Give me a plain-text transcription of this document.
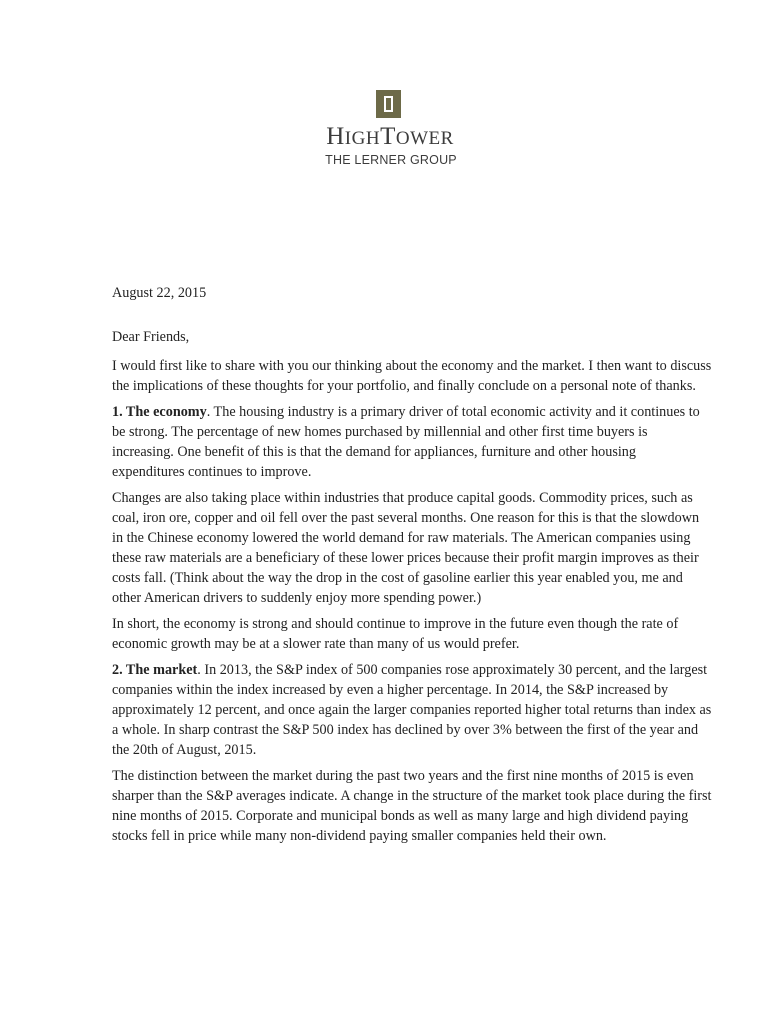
HIGHTOWER
THE LERNER GROUP

August 22, 2015

Dear Friends,

I would first like to share with you our thinking about the economy and the market. I then want to discuss the implications of these thoughts for your portfolio, and finally conclude on a personal note of thanks.

1. The economy. The housing industry is a primary driver of total economic activity and it continues to be strong. The percentage of new homes purchased by millennial and other first time buyers is increasing. One benefit of this is that the demand for appliances, furniture and other housing expenditures continues to improve.

Changes are also taking place within industries that produce capital goods. Commodity prices, such as coal, iron ore, copper and oil fell over the past several months. One reason for this is that the slowdown in the Chinese economy lowered the world demand for raw materials. The American companies using these raw materials are a beneficiary of these lower prices because their profit margin improves as their costs fall. (Think about the way the drop in the cost of gasoline earlier this year enabled you, me and other American drivers to suddenly enjoy more spending power.)

In short, the economy is strong and should continue to improve in the future even though the rate of economic growth may be at a slower rate than many of us would prefer.

2. The market. In 2013, the S&P index of 500 companies rose approximately 30 percent, and the largest companies within the index increased by even a higher percentage. In 2014, the S&P increased by approximately 12 percent, and once again the larger companies reported higher total returns than index as a whole. In sharp contrast the S&P 500 index has declined by over 3% between the first of the year and the 20th of August, 2015.

The distinction between the market during the past two years and the first nine months of 2015 is even sharper than the S&P averages indicate. A change in the structure of the market took place during the first nine months of 2015. Corporate and municipal bonds as well as many large and high dividend paying stocks fell in price while many non-dividend paying smaller companies held their own.
